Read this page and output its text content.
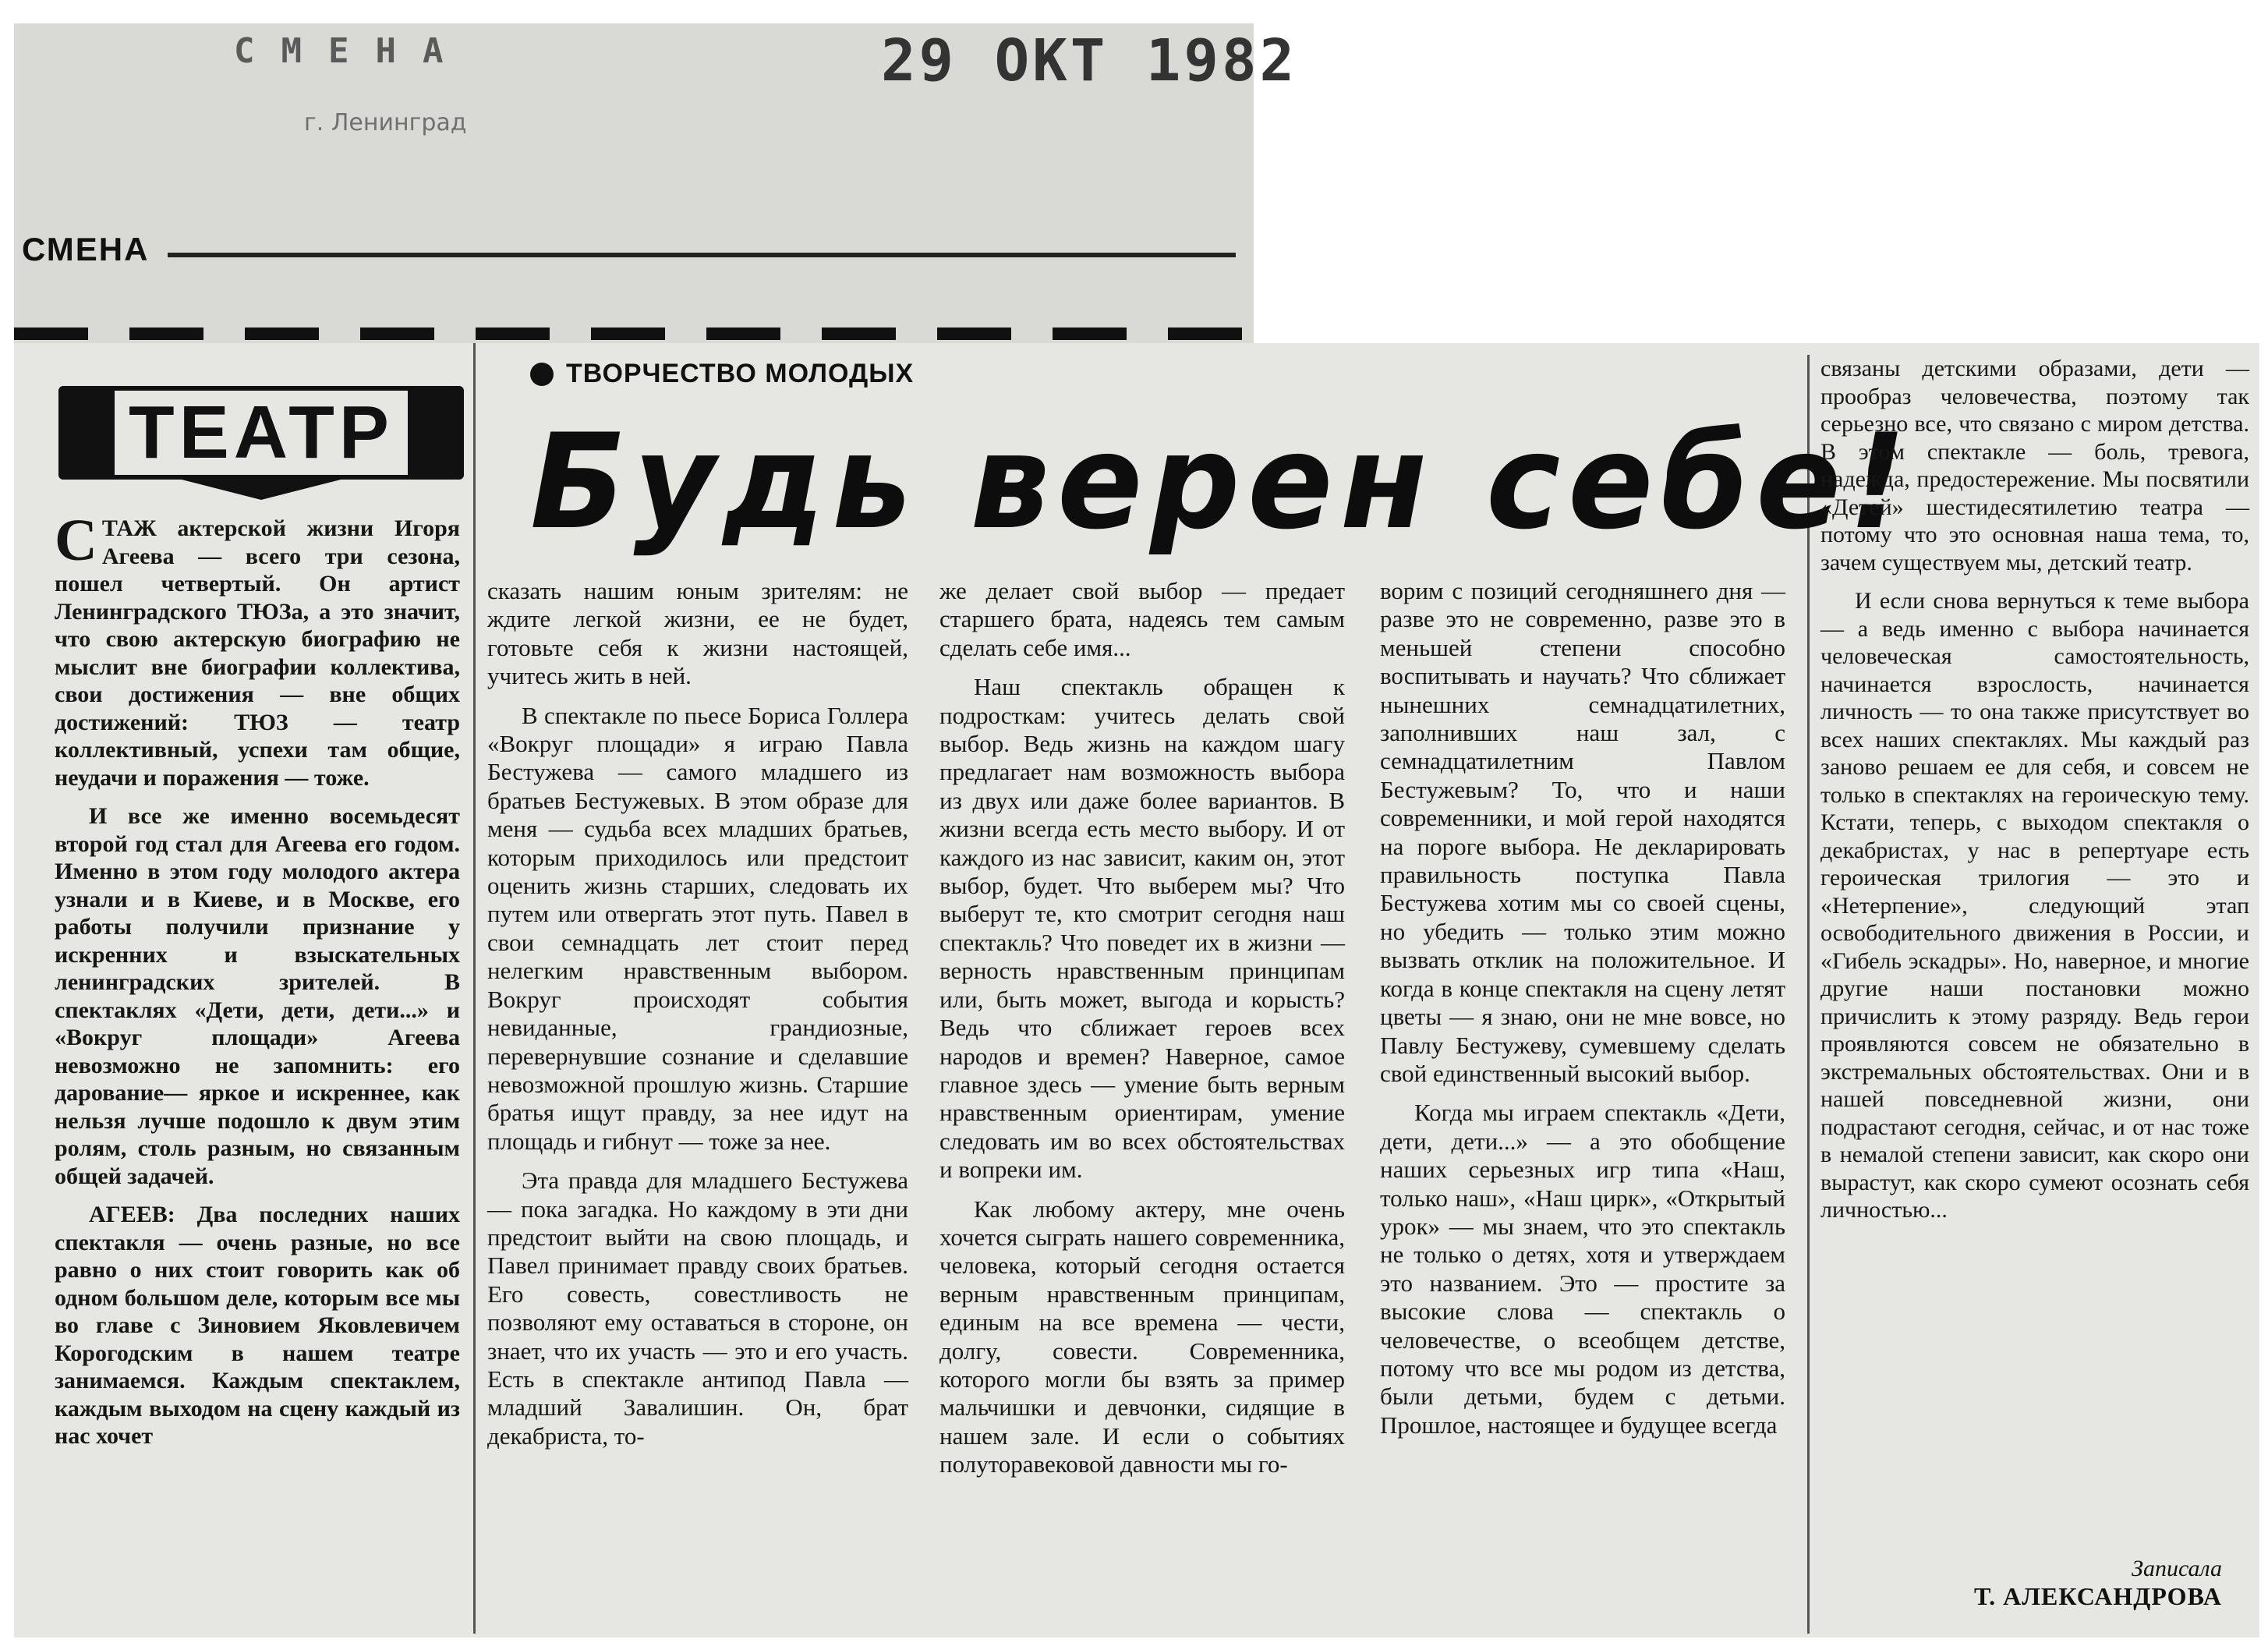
СМЕНА
г. Ленинград
29 ОКТ 1982
СМЕНА
ТЕАТР
ТВОРЧЕСТВО МОЛОДЫХ
Будь верен себе!

СТАЖ актерской жизни Игоря Агеева — всего три сезона, пошел четвертый. Он артист Ленинградского ТЮЗа, а это значит, что свою актерскую биографию не мыслит вне биографии коллектива, свои достижения — вне общих достижений: ТЮЗ — театр коллективный, успехи там общие, неудачи и поражения — тоже.

И все же именно восемьдесят второй год стал для Агеева его годом. Именно в этом году молодого актера узнали и в Киеве, и в Москве, его работы получили признание у искренних и взыскательных ленинградских зрителей. В спектаклях «Дети, дети, дети...» и «Вокруг площади» Агеева невозможно не запомнить: его дарование— яркое и искреннее, как нельзя лучше подошло к двум этим ролям, столь разным, но связанным общей задачей.

АГЕЕВ: Два последних наших спектакля — очень разные, но все равно о них стоит говорить как об одном большом деле, которым все мы во главе с Зиновием Яковлевичем Корогодским в нашем театре занимаемся. Каждым спектаклем, каждым выходом на сцену каждый из нас хочет

сказать нашим юным зрителям: не ждите легкой жизни, ее не будет, готовьте себя к жизни настоящей, учитесь жить в ней.

В спектакле по пьесе Бориса Голлера «Вокруг площади» я играю Павла Бестужева — самого младшего из братьев Бестужевых. В этом образе для меня — судьба всех младших братьев, которым приходилось или предстоит оценить жизнь старших, следовать их путем или отвергать этот путь. Павел в свои семнадцать лет стоит перед нелегким нравственным выбором. Вокруг происходят события невиданные, грандиозные, перевернувшие сознание и сделавшие невозможной прошлую жизнь. Старшие братья ищут правду, за нее идут на площадь и гибнут — тоже за нее.

Эта правда для младшего Бестужева — пока загадка. Но каждому в эти дни предстоит выйти на свою площадь, и Павел принимает правду своих братьев. Его совесть, совестливость не позволяют ему оставаться в стороне, он знает, что их участь — это и его участь. Есть в спектакле антипод Павла — младший Завалишин. Он, брат декабриста, то-

же делает свой выбор — предает старшего брата, надеясь тем самым сделать себе имя...

Наш спектакль обращен к подросткам: учитесь делать свой выбор. Ведь жизнь на каждом шагу предлагает нам возможность выбора из двух или даже более вариантов. В жизни всегда есть место выбору. И от каждого из нас зависит, каким он, этот выбор, будет. Что выберем мы? Что выберут те, кто смотрит сегодня наш спектакль? Что поведет их в жизни — верность нравственным принципам или, быть может, выгода и корысть? Ведь что сближает героев всех народов и времен? Наверное, самое главное здесь — умение быть верным нравственным ориентирам, умение следовать им во всех обстоятельствах и вопреки им.

Как любому актеру, мне очень хочется сыграть нашего современника, человека, который сегодня остается верным нравственным принципам, единым на все времена — чести, долгу, совести. Современника, которого могли бы взять за пример мальчишки и девчонки, сидящие в нашем зале. И если о событиях полуторавековой давности мы го-

ворим с позиций сегодняшнего дня — разве это не современно, разве это в меньшей степени способно воспитывать и научать? Что сближает нынешних семнадцатилетних, заполнивших наш зал, с семнадцатилетним Павлом Бестужевым? То, что и наши современники, и мой герой находятся на пороге выбора. Не декларировать правильность поступка Павла Бестужева хотим мы со своей сцены, но убедить — только этим можно вызвать отклик на положительное. И когда в конце спектакля на сцену летят цветы — я знаю, они не мне вовсе, но Павлу Бестужеву, сумевшему сделать свой единственный высокий выбор.

Когда мы играем спектакль «Дети, дети, дети...» — а это обобщение наших серьезных игр типа «Наш, только наш», «Наш цирк», «Открытый урок» — мы знаем, что это спектакль не только о детях, хотя и утверждаем это названием. Это — простите за высокие слова — спектакль о человечестве, о всеобщем детстве, потому что все мы родом из детства, были детьми, будем с детьми. Прошлое, настоящее и будущее всегда

связаны детскими образами, дети — прообраз человечества, поэтому так серьезно все, что связано с миром детства. В этом спектакле — боль, тревога, надежда, предостережение. Мы посвятили «Детей» шестидесятилетию театра — потому что это основная наша тема, то, зачем существуем мы, детский театр.

И если снова вернуться к теме выбора — а ведь именно с выбора начинается человеческая самостоятельность, начинается взрослость, начинается личность — то она также присутствует во всех наших спектаклях. Мы каждый раз заново решаем ее для себя, и совсем не только в спектаклях на героическую тему. Кстати, теперь, с выходом спектакля о декабристах, у нас в репертуаре есть героическая трилогия — это и «Нетерпение», следующий этап освободительного движения в России, и «Гибель эскадры». Но, наверное, и многие другие наши постановки можно причислить к этому разряду. Ведь герои проявляются совсем не обязательно в экстремальных обстоятельствах. Они и в нашей повседневной жизни, они подрастают сегодня, сейчас, и от нас тоже в немалой степени зависит, как скоро они вырастут, как скоро сумеют осознать себя личностью...

Записала
Т. АЛЕКСАНДРОВА
